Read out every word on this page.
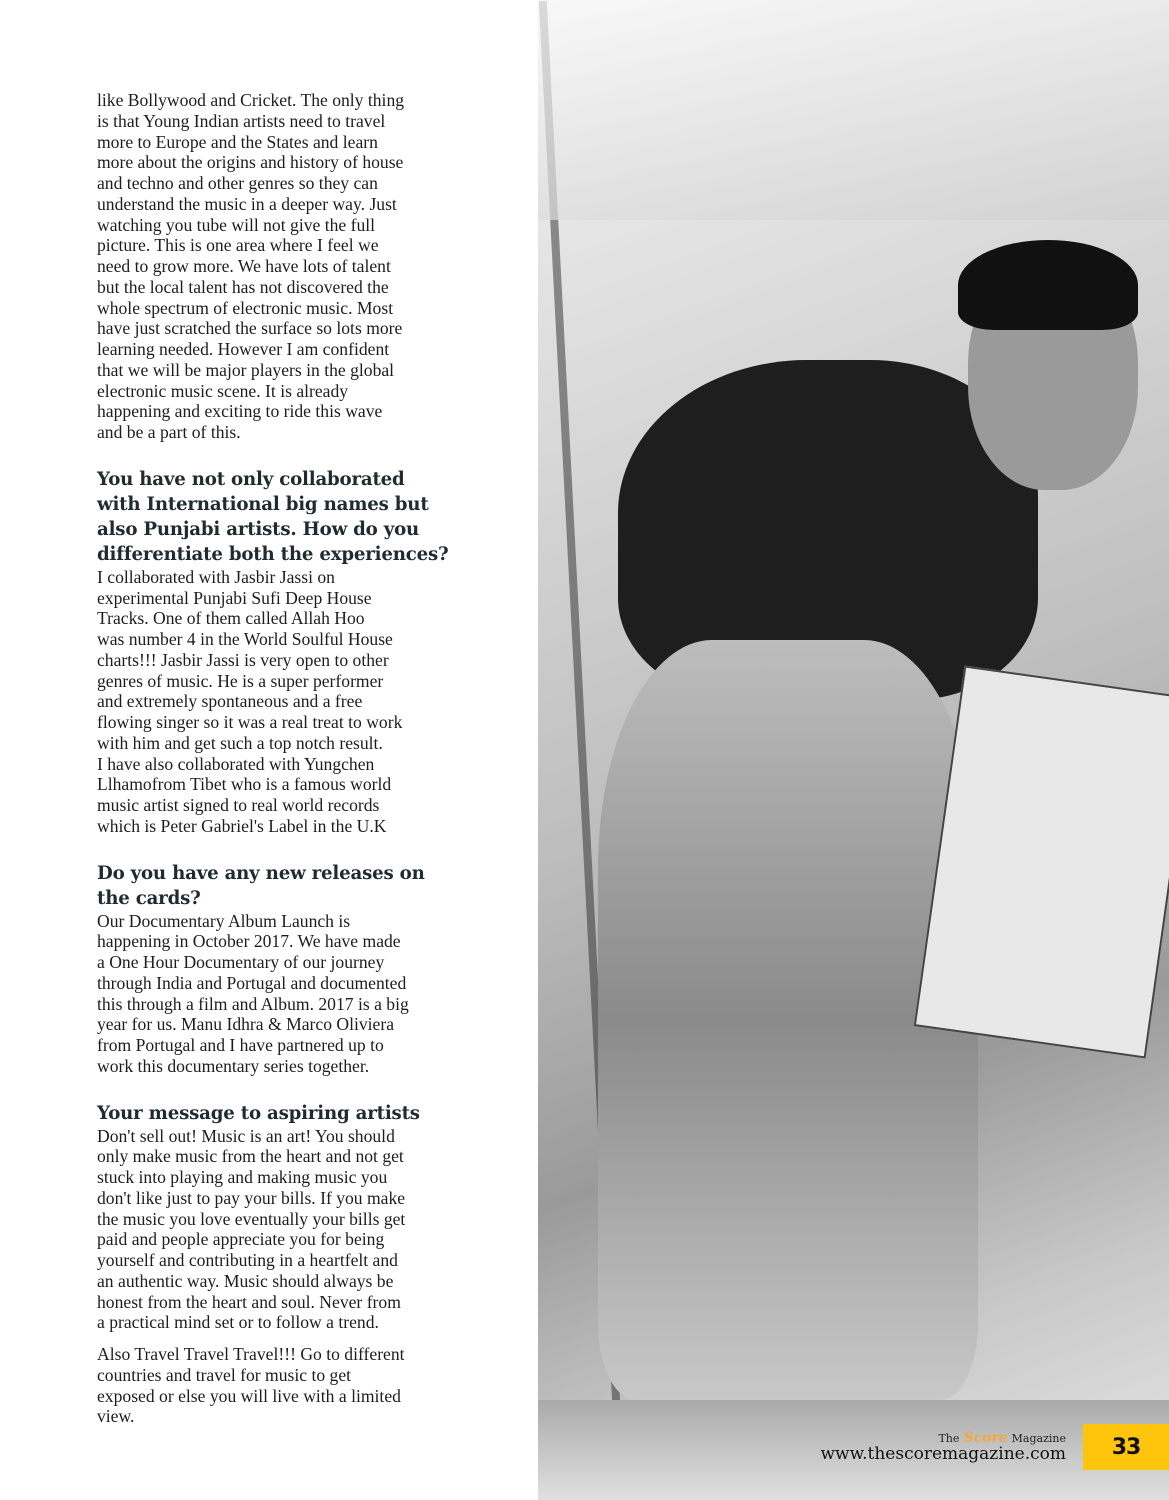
like Bollywood and Cricket. The only thing
is that Young Indian artists need to travel
more to Europe and the States and learn
more about the origins and history of house
and techno and other genres so they can
understand the music in a deeper way. Just
watching you tube will not give the full
picture. This is one area where I feel we
need to grow more. We have lots of talent
but the local talent has not discovered the
whole spectrum of electronic music. Most
have just scratched the surface so lots more
learning needed. However I am confident
that we will be major players in the global
electronic music scene. It is already
happening and exciting to ride this wave
and be a part of this.

You have not only collaborated
with International big names but
also Punjabi artists. How do you
differentiate both the experiences?

I collaborated with Jasbir Jassi on
experimental Punjabi Sufi Deep House
Tracks. One of them called Allah Hoo
was number 4 in the World Soulful House
charts!!! Jasbir Jassi is very open to other
genres of music. He is a super performer
and extremely spontaneous and a free
flowing singer so it was a real treat to work
with him and get such a top notch result.
I have also collaborated with Yungchen
Llhamofrom Tibet who is a famous world
music artist signed to real world records
which is Peter Gabriel's Label in the U.K

Do you have any new releases on
the cards?

Our Documentary Album Launch is
happening in October 2017. We have made
a One Hour Documentary of our journey
through India and Portugal and documented
this through a film and Album. 2017 is a big
year for us. Manu Idhra & Marco Oliviera
from Portugal and I have partnered up to
work this documentary series together.

Your message to aspiring artists

Don't sell out! Music is an art! You should
only make music from the heart and not get
stuck into playing and making music you
don't like just to pay your bills. If you make
the music you love eventually your bills get
paid and people appreciate you for being
yourself and contributing in a heartfelt and
an authentic way. Music should always be
honest from the heart and soul. Never from
a practical mind set or to follow a trend.

Also Travel Travel Travel!!! Go to different
countries and travel for music to get
exposed or else you will live with a limited
view.

The Score Magazine
www.thescoremagazine.com	33
